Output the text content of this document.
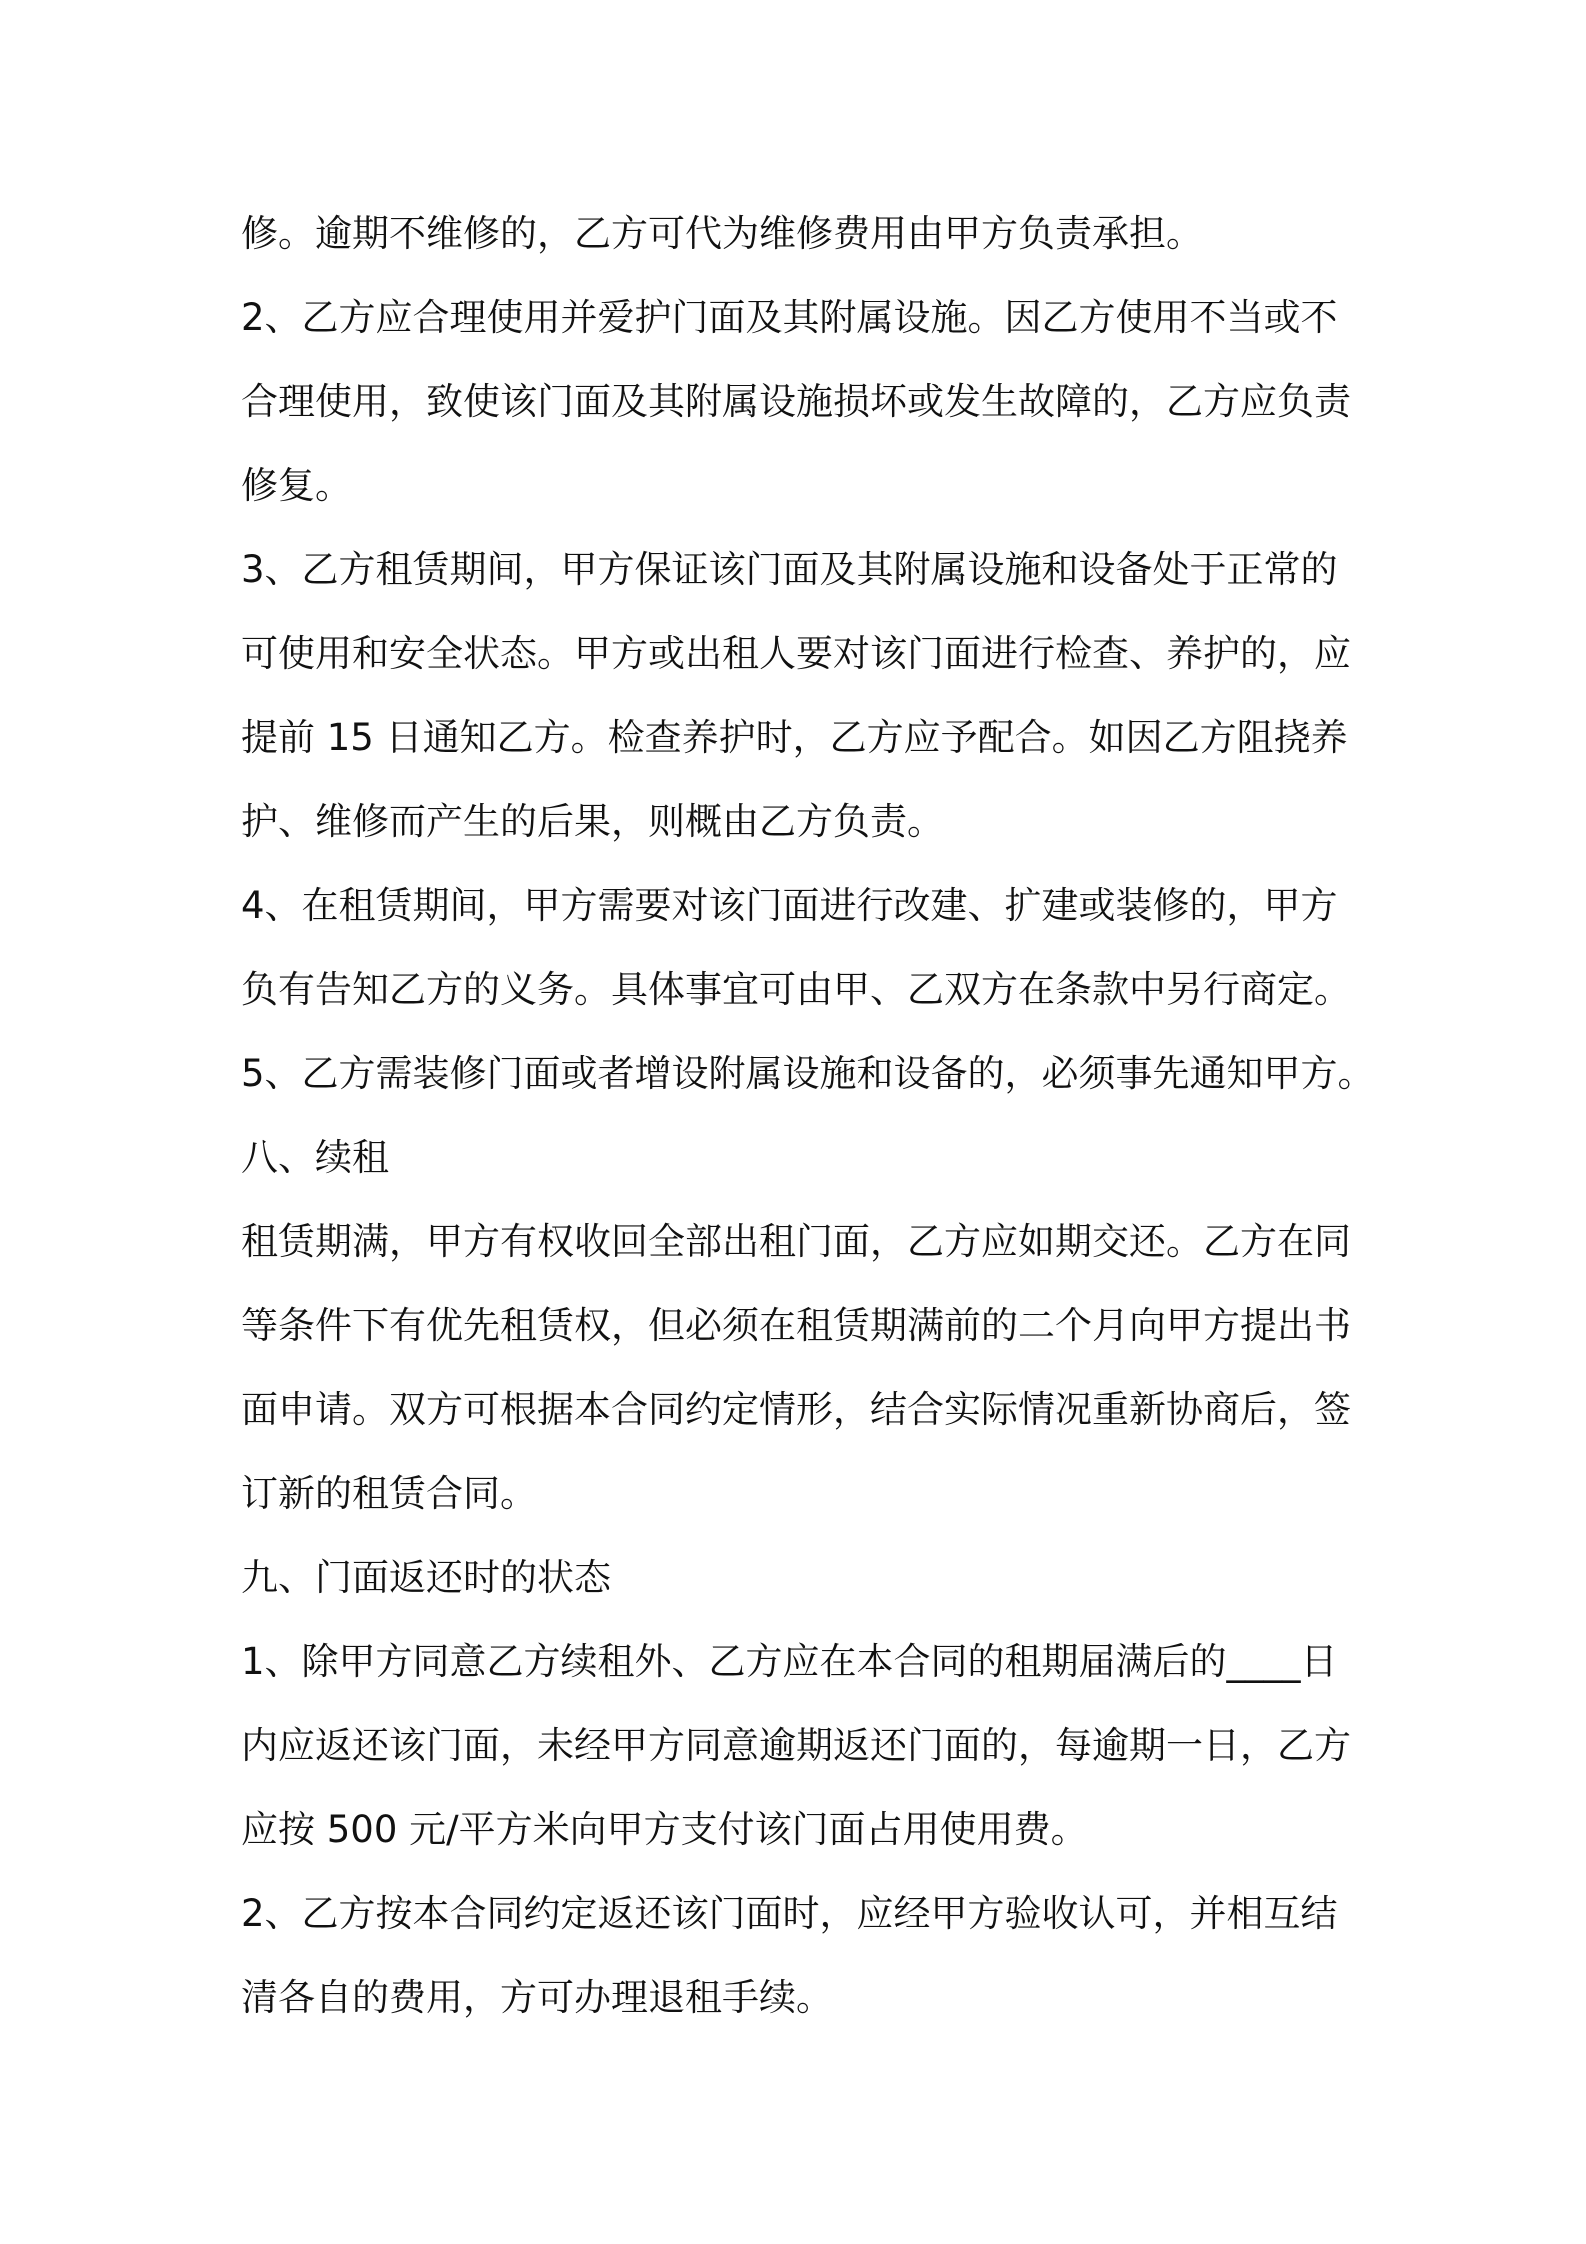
修。逾期不维修的，乙方可代为维修费用由甲方负责承担。
2、乙方应合理使用并爱护门面及其附属设施。因乙方使用不当或不
合理使用，致使该门面及其附属设施损坏或发生故障的，乙方应负责
修复。
3、乙方租赁期间，甲方保证该门面及其附属设施和设备处于正常的
可使用和安全状态。甲方或出租人要对该门面进行检查、养护的，应
提前 15 日通知乙方。检查养护时，乙方应予配合。如因乙方阻挠养
护、维修而产生的后果，则概由乙方负责。
4、在租赁期间，甲方需要对该门面进行改建、扩建或装修的，甲方
负有告知乙方的义务。具体事宜可由甲、乙双方在条款中另行商定。
5、乙方需装修门面或者增设附属设施和设备的，必须事先通知甲方。
八、续租
租赁期满，甲方有权收回全部出租门面，乙方应如期交还。乙方在同
等条件下有优先租赁权，但必须在租赁期满前的二个月向甲方提出书
面申请。双方可根据本合同约定情形，结合实际情况重新协商后，签
订新的租赁合同。
九、门面返还时的状态
1、除甲方同意乙方续租外、乙方应在本合同的租期届满后的____日
内应返还该门面，未经甲方同意逾期返还门面的，每逾期一日，乙方
应按 500 元/平方米向甲方支付该门面占用使用费。
2、乙方按本合同约定返还该门面时，应经甲方验收认可，并相互结
清各自的费用，方可办理退租手续。
